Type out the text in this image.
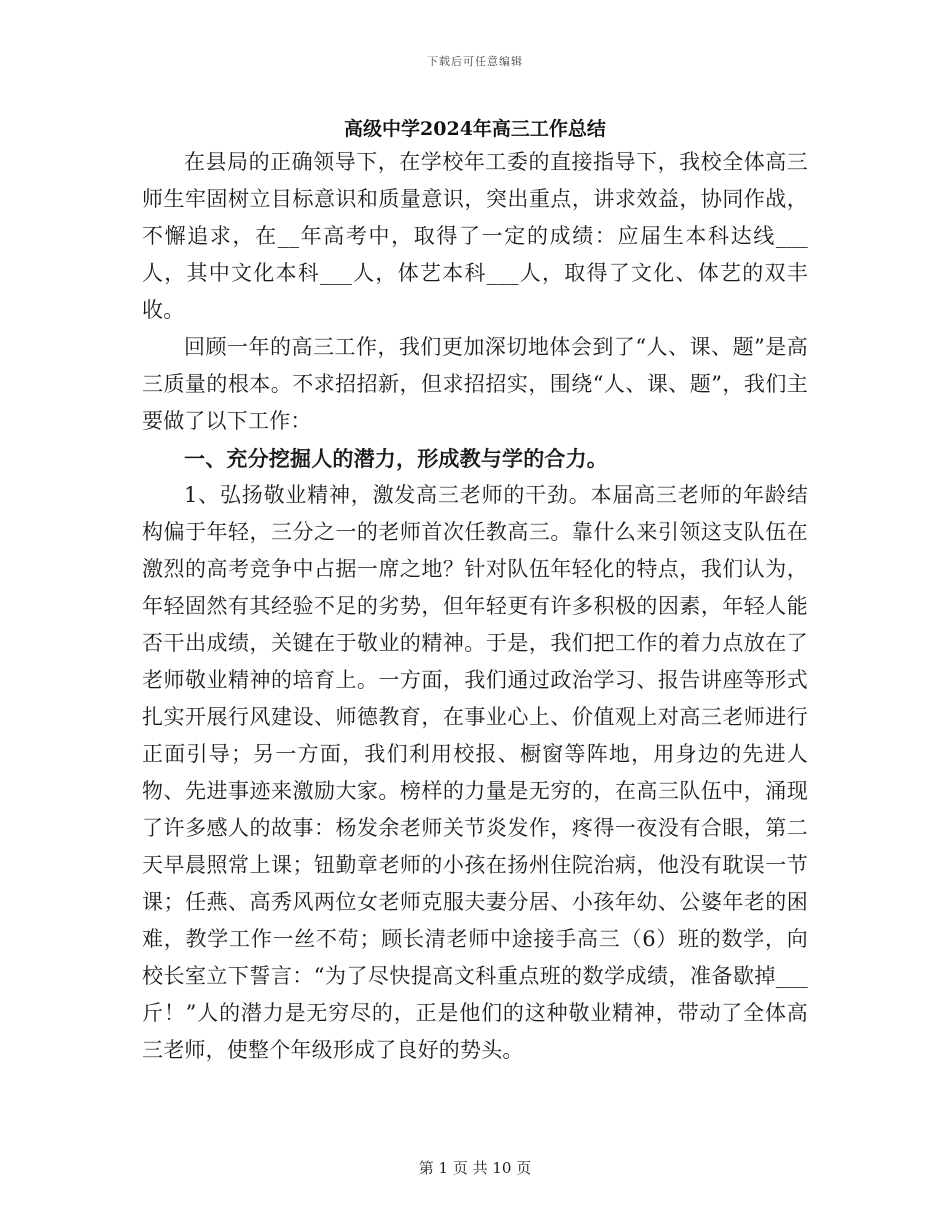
下载后可任意编辑
高级中学2024年高三工作总结

在县局的正确领导下，在学校年工委的直接指导下，我校全体高三师生牢固树立目标意识和质量意识，突出重点，讲求效益，协同作战，不懈追求，在__年高考中，取得了一定的成绩：应届生本科达线___人，其中文化本科___人，体艺本科___人，取得了文化、体艺的双丰收。

回顾一年的高三工作，我们更加深切地体会到了“人、课、题”是高三质量的根本。不求招招新，但求招招实，围绕“人、课、题”，我们主要做了以下工作：

一、充分挖掘人的潜力，形成教与学的合力。

1、弘扬敬业精神，激发高三老师的干劲。本届高三老师的年龄结构偏于年轻，三分之一的老师首次任教高三。靠什么来引领这支队伍在激烈的高考竞争中占据一席之地？针对队伍年轻化的特点，我们认为，年轻固然有其经验不足的劣势，但年轻更有许多积极的因素，年轻人能否干出成绩，关键在于敬业的精神。于是，我们把工作的着力点放在了老师敬业精神的培育上。一方面，我们通过政治学习、报告讲座等形式扎实开展行风建设、师德教育，在事业心上、价值观上对高三老师进行正面引导；另一方面，我们利用校报、橱窗等阵地，用身边的先进人物、先进事迹来激励大家。榜样的力量是无穷的，在高三队伍中，涌现了许多感人的故事：杨发余老师关节炎发作，疼得一夜没有合眼，第二天早晨照常上课；钮勤章老师的小孩在扬州住院治病，他没有耽误一节课；任燕、高秀风两位女老师克服夫妻分居、小孩年幼、公婆年老的困难，教学工作一丝不苟；顾长清老师中途接手高三（6）班的数学，向校长室立下誓言：“为了尽快提高文科重点班的数学成绩，准备歇掉___斤！”人的潜力是无穷尽的，正是他们的这种敬业精神，带动了全体高三老师，使整个年级形成了良好的势头。

第 1 页 共 10 页
